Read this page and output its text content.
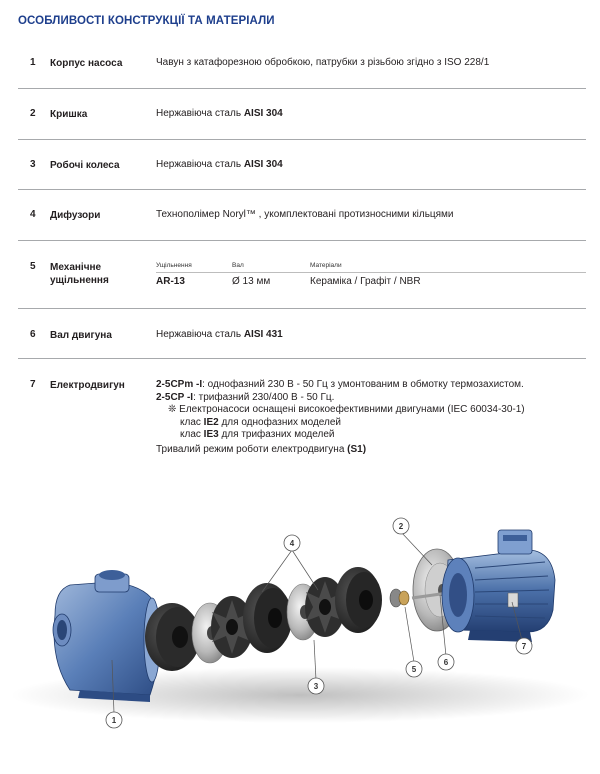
ОСОБЛИВОСТІ КОНСТРУКЦІЇ ТА МАТЕРІАЛИ
1 Корпус насоса	Чавун з катафорезною обробкою, патрубки з різьбою згідно з ISO 228/1
2 Кришка	Нержавіюча сталь AISI 304
3 Робочі колеса	Нержавіюча сталь AISI 304
4 Дифузори	Технополімер Noryl™ , укомплектовані протизносними кільцями
5 Механічне
ущільнення
Ущільнення	Вал	Матеріали
AR-13	Ø 13 мм	Кераміка / Графіт / NBR
6 Вал двигуна	Нержавіюча сталь AISI 431
7 Електродвигун	2-5CPm -I: однофазний 230 В - 50 Гц з умонтованим в обмотку термозахистом.
2-5CP -I: трифазний 230/400 В - 50 Гц.
❊ Електронасоси оснащені високоефективними двигунами (IEC 60034-30-1)
клас IE2 для однофазних моделей
клас IE3 для трифазних моделей
Тривалий режим роботи електродвигуна (S1)
1
2
3
4
5
6
7
